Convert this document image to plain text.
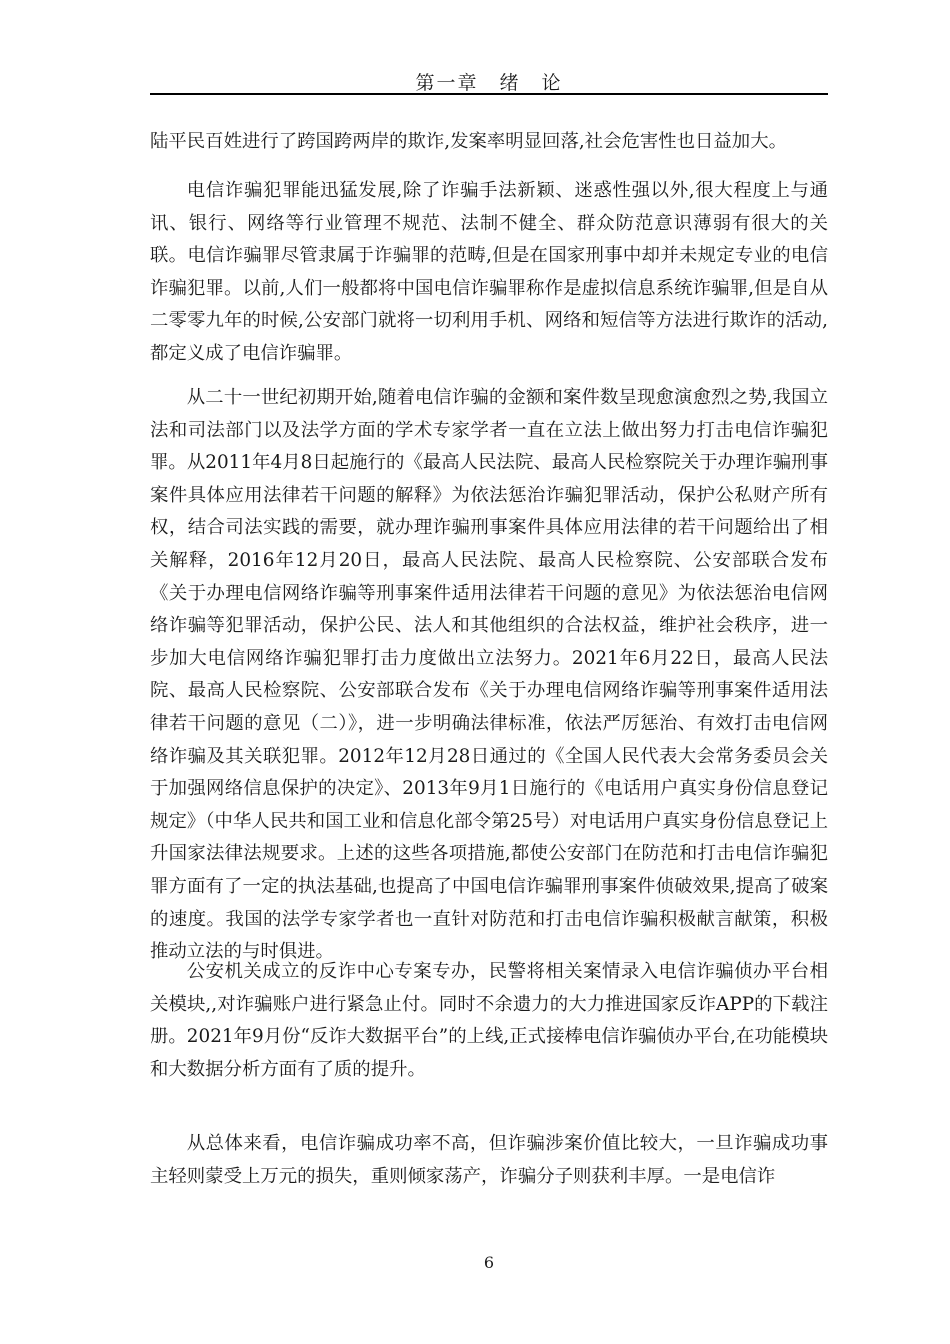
第一章　绪　论

陆平民百姓进行了跨国跨两岸的欺诈,发案率明显回落,社会危害性也日益加大。

电信诈骗犯罪能迅猛发展,除了诈骗手法新颖、迷惑性强以外,很大程度上与通讯、银行、网络等行业管理不规范、法制不健全、群众防范意识薄弱有很大的关联。电信诈骗罪尽管隶属于诈骗罪的范畴,但是在国家刑事中却并未规定专业的电信诈骗犯罪。以前,人们一般都将中国电信诈骗罪称作是虚拟信息系统诈骗罪,但是自从二零零九年的时候,公安部门就将一切利用手机、网络和短信等方法进行欺诈的活动,都定义成了电信诈骗罪。

从二十一世纪初期开始,随着电信诈骗的金额和案件数呈现愈演愈烈之势,我国立法和司法部门以及法学方面的学术专家学者一直在立法上做出努力打击电信诈骗犯罪。从2011年4月8日起施行的《最高人民法院、最高人民检察院关于办理诈骗刑事案件具体应用法律若干问题的解释》为依法惩治诈骗犯罪活动，保护公私财产所有权，结合司法实践的需要，就办理诈骗刑事案件具体应用法律的若干问题给出了相关解释，2016年12月20日，最高人民法院、最高人民检察院、公安部联合发布《关于办理电信网络诈骗等刑事案件适用法律若干问题的意见》为依法惩治电信网络诈骗等犯罪活动，保护公民、法人和其他组织的合法权益，维护社会秩序，进一步加大电信网络诈骗犯罪打击力度做出立法努力。2021年6月22日，最高人民法院、最高人民检察院、公安部联合发布《关于办理电信网络诈骗等刑事案件适用法律若干问题的意见（二）》，进一步明确法律标准，依法严厉惩治、有效打击电信网络诈骗及其关联犯罪。2012年12月28日通过的《全国人民代表大会常务委员会关于加强网络信息保护的决定》、2013年9月1日施行的《电话用户真实身份信息登记规定》（中华人民共和国工业和信息化部令第25号）对电话用户真实身份信息登记上升国家法律法规要求。上述的这些各项措施,都使公安部门在防范和打击电信诈骗犯罪方面有了一定的执法基础,也提高了中国电信诈骗罪刑事案件侦破效果,提高了破案的速度。我国的法学专家学者也一直针对防范和打击电信诈骗积极献言献策，积极推动立法的与时俱进。

公安机关成立的反诈中心专案专办，民警将相关案情录入电信诈骗侦办平台相关模块,,对诈骗账户进行紧急止付。同时不余遗力的大力推进国家反诈APP的下载注册。2021年9月份“反诈大数据平台”的上线,正式接棒电信诈骗侦办平台,在功能模块和大数据分析方面有了质的提升。

从总体来看，电信诈骗成功率不高，但诈骗涉案价值比较大，一旦诈骗成功事主轻则蒙受上万元的损失，重则倾家荡产，诈骗分子则获利丰厚。一是电信诈

6
